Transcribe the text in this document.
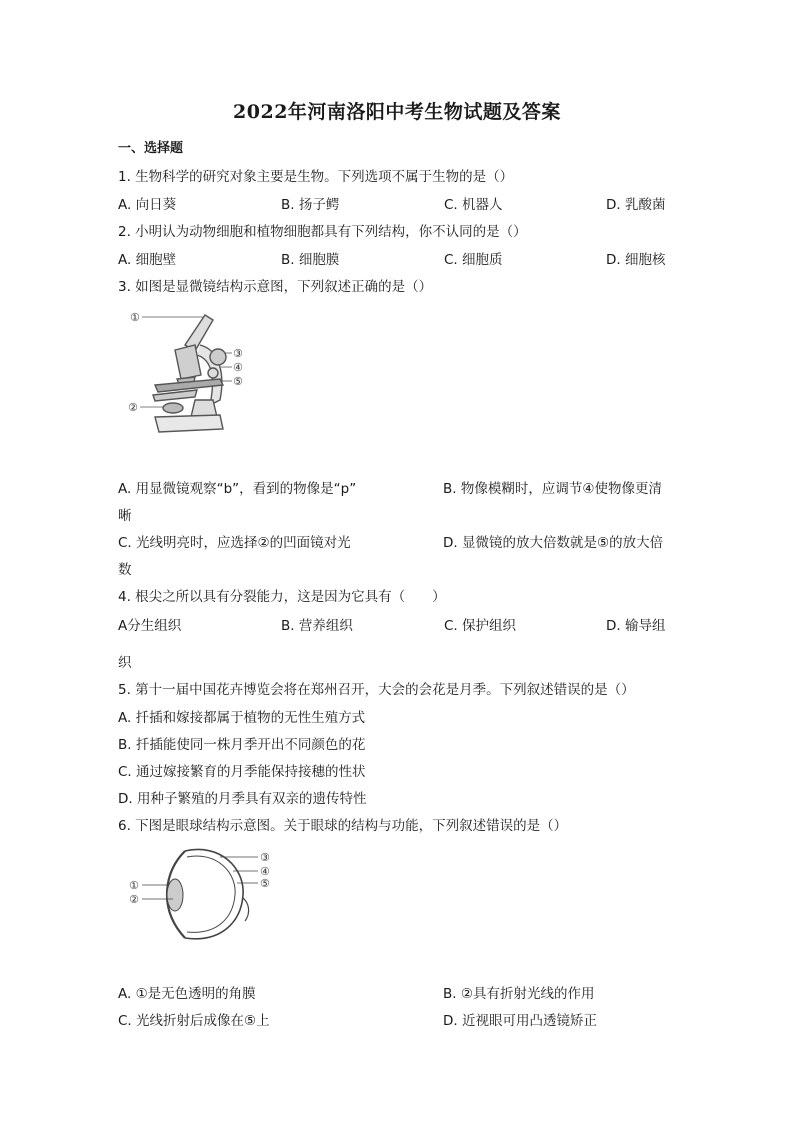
2022年河南洛阳中考生物试题及答案
一、选择题
1. 生物科学的研究对象主要是生物。下列选项不属于生物的是（）
A. 向日葵	B. 扬子鳄	C. 机器人	D. 乳酸菌
2. 小明认为动物细胞和植物细胞都具有下列结构，你不认同的是（）
A. 细胞壁	B. 细胞膜	C. 细胞质	D. 细胞核
3. 如图是显微镜结构示意图，下列叙述正确的是（）
①
②
③
④
⑤
A. 用显微镜观察“b”，看到的物像是“p”	B. 物像模糊时，应调节④使物像更清
晰
C. 光线明亮时，应选择②的凹面镜对光	D. 显微镜的放大倍数就是⑤的放大倍
数
4. 根尖之所以具有分裂能力，这是因为它具有（　　）
A分生组织	B. 营养组织	C. 保护组织	D. 输导组
织
5. 第十一届中国花卉博览会将在郑州召开，大会的会花是月季。下列叙述错误的是（）
A. 扦插和嫁接都属于植物的无性生殖方式
B. 扦插能使同一株月季开出不同颜色的花
C. 通过嫁接繁育的月季能保持接穗的性状
D. 用种子繁殖的月季具有双亲的遗传特性
6. 下图是眼球结构示意图。关于眼球的结构与功能，下列叙述错误的是（）
①
②
③
④
⑤
A. ①是无色透明的角膜	B. ②具有折射光线的作用
C. 光线折射后成像在⑤上	D. 近视眼可用凸透镜矫正
